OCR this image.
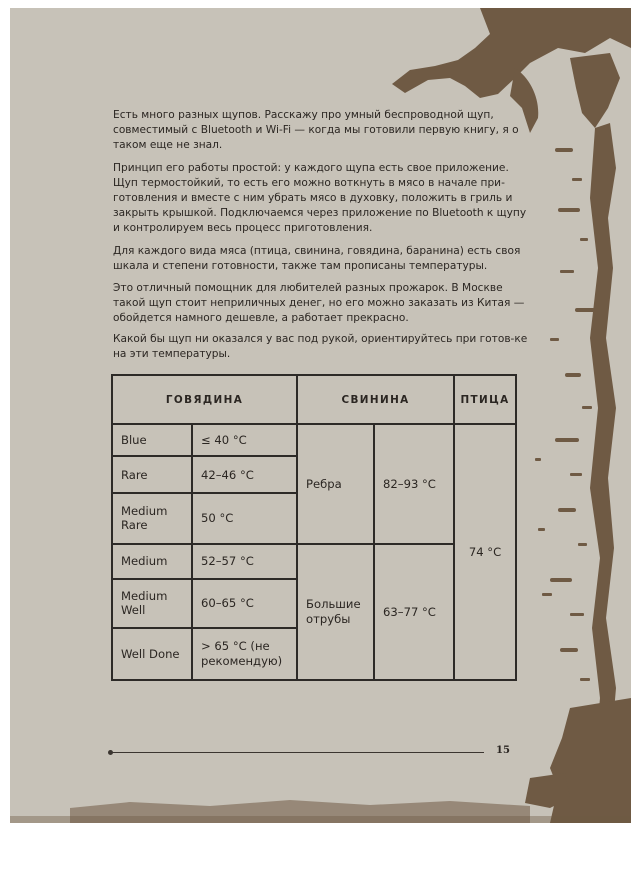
Есть много разных щупов. Расскажу про умный беспроводной щуп, совместимый с Bluetooth и Wi-Fi — когда мы готовили первую книгу, я о таком еще не знал.

Принцип его работы простой: у каждого щупа есть свое приложение. Щуп термостойкий, то есть его можно воткнуть в мясо в начале при-готовления и вместе с ним убрать мясо в духовку, положить в гриль и закрыть крышкой. Подключаемся через приложение по Bluetooth к щупу и контролируем весь процесс приготовления.

Для каждого вида мяса (птица, свинина, говядина, баранина) есть своя шкала и степени готовности, также там прописаны температуры.

Это отличный помощник для любителей разных прожарок. В Москве такой щуп стоит неприличных денег, но его можно заказать из Китая — обойдется намного дешевле, а работает прекрасно.

Какой бы щуп ни оказался у вас под рукой, ориентируйтесь при готов-ке на эти температуры.
ГОВЯДИНА		СВИНИНА		ПТИЦА
Blue	≤ 40 °C	Ребра	82–93 °C	74 °C
Rare	42–46 °C			
Medium Rare	50 °C			
Medium	52–57 °C	Большие отрубы	63–77 °C	
Medium Well	60–65 °C			
Well Done	> 65 °C (не рекомендую)			
15
